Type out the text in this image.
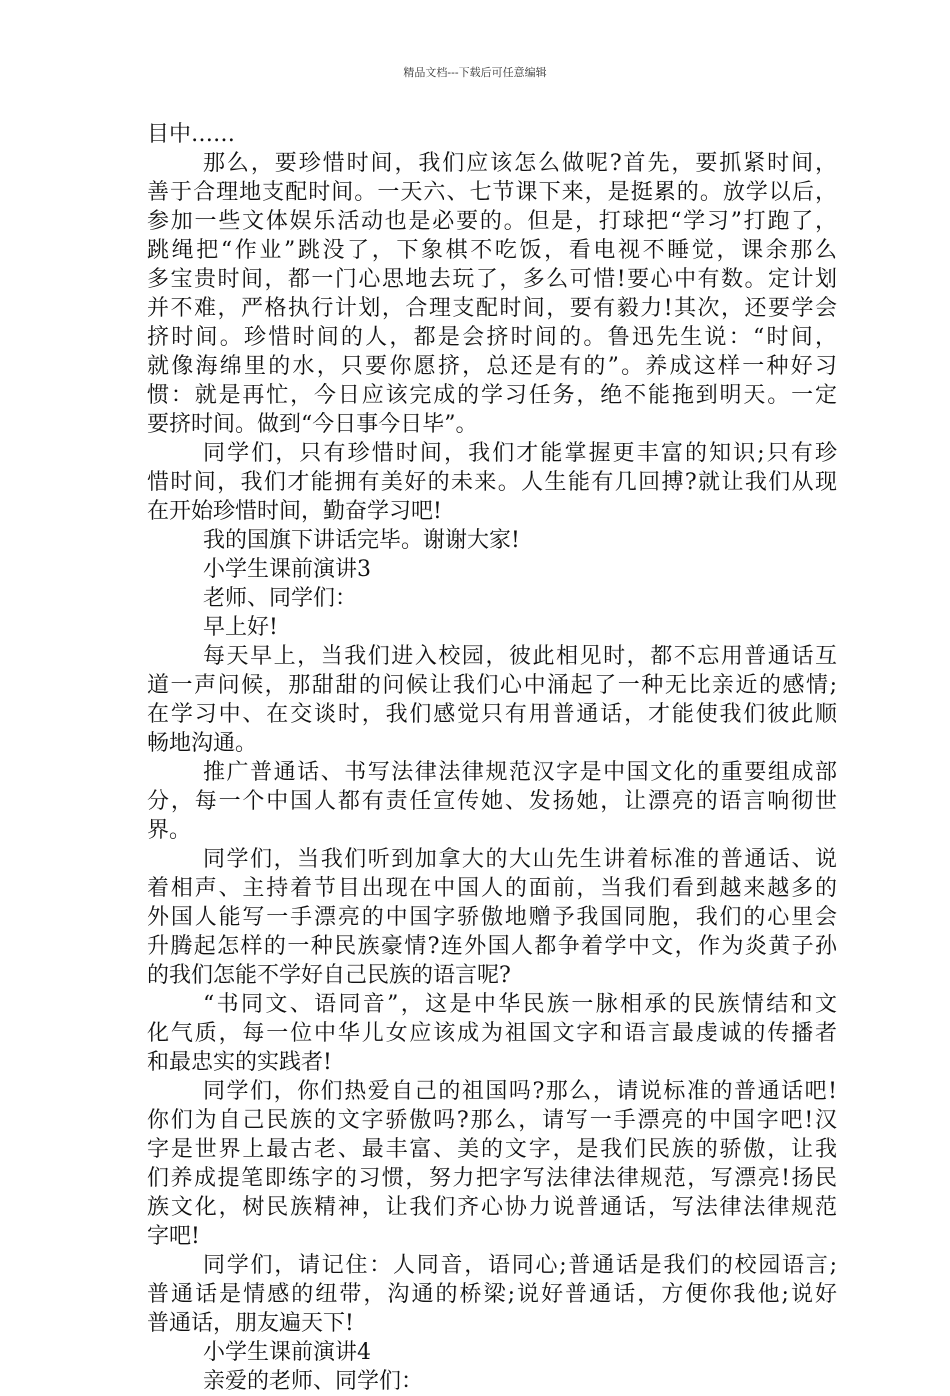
精品文档---下载后可任意编辑

目中……

那么，要珍惜时间，我们应该怎么做呢?首先，要抓紧时间，

善于合理地支配时间。一天六、七节课下来，是挺累的。放学以后，

参加一些文体娱乐活动也是必要的。但是，打球把“学习”打跑了，

跳绳把“作业”跳没了，下象棋不吃饭，看电视不睡觉，课余那么

多宝贵时间，都一门心思地去玩了，多么可惜!要心中有数。定计划

并不难，严格执行计划，合理支配时间，要有毅力!其次，还要学会

挤时间。珍惜时间的人，都是会挤时间的。鲁迅先生说：“时间，

就像海绵里的水，只要你愿挤，总还是有的”。养成这样一种好习

惯：就是再忙，今日应该完成的学习任务，绝不能拖到明天。一定

要挤时间。做到“今日事今日毕”。

同学们，只有珍惜时间，我们才能掌握更丰富的知识;只有珍

惜时间，我们才能拥有美好的未来。人生能有几回搏?就让我们从现

在开始珍惜时间，勤奋学习吧!

我的国旗下讲话完毕。谢谢大家!

小学生课前演讲3

老师、同学们：

早上好!

每天早上，当我们进入校园，彼此相见时，都不忘用普通话互

道一声问候，那甜甜的问候让我们心中涌起了一种无比亲近的感情;

在学习中、在交谈时，我们感觉只有用普通话，才能使我们彼此顺

畅地沟通。

推广普通话、书写法律法律规范汉字是中国文化的重要组成部

分，每一个中国人都有责任宣传她、发扬她，让漂亮的语言响彻世

界。

同学们，当我们听到加拿大的大山先生讲着标准的普通话、说

着相声、主持着节目出现在中国人的面前，当我们看到越来越多的

外国人能写一手漂亮的中国字骄傲地赠予我国同胞，我们的心里会

升腾起怎样的一种民族豪情?连外国人都争着学中文，作为炎黄子孙

的我们怎能不学好自己民族的语言呢?

“书同文、语同音”，这是中华民族一脉相承的民族情结和文

化气质，每一位中华儿女应该成为祖国文字和语言最虔诚的传播者

和最忠实的实践者!

同学们，你们热爱自己的祖国吗?那么，请说标准的普通话吧!

你们为自己民族的文字骄傲吗?那么，请写一手漂亮的中国字吧!汉

字是世界上最古老、最丰富、美的文字，是我们民族的骄傲，让我

们养成提笔即练字的习惯，努力把字写法律法律规范，写漂亮!扬民

族文化，树民族精神，让我们齐心协力说普通话，写法律法律规范

字吧!

同学们，请记住：人同音，语同心;普通话是我们的校园语言;

普通话是情感的纽带，沟通的桥梁;说好普通话，方便你我他;说好

普通话，朋友遍天下!

小学生课前演讲4

亲爱的老师、同学们：
